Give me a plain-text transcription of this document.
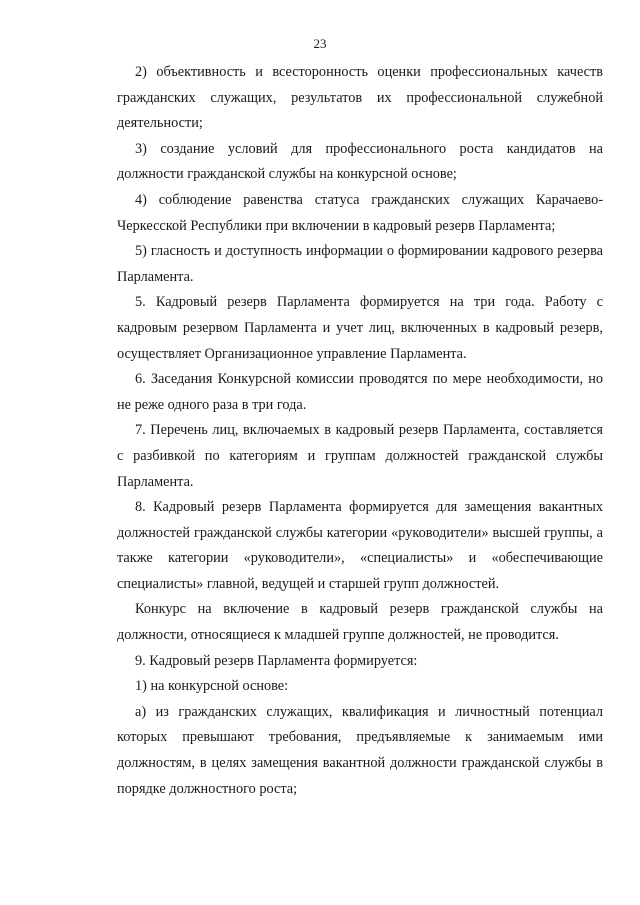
23

2) объективность и всесторонность оценки профессиональных качеств гражданских служащих, результатов их профессиональной служебной деятельности;

3) создание условий для профессионального роста кандидатов на должности гражданской службы на конкурсной основе;

4) соблюдение равенства статуса гражданских служащих Карачаево-Черкесской Республики при включении в кадровый резерв Парламента;

5) гласность и доступность информации о формировании кадрового резерва Парламента.

5. Кадровый резерв Парламента формируется на три года. Работу с кадровым резервом Парламента и учет лиц, включенных в кадровый резерв, осуществляет Организационное управление Парламента.

6. Заседания Конкурсной комиссии проводятся по мере необходимости, но не реже одного раза в три года.

7. Перечень лиц, включаемых в кадровый резерв Парламента, составляется с разбивкой по категориям и группам должностей гражданской службы Парламента.

8. Кадровый резерв Парламента формируется для замещения вакантных должностей гражданской службы категории «руководители» высшей группы, а также категории «руководители», «специалисты» и «обеспечивающие специалисты» главной, ведущей и старшей групп должностей.

Конкурс на включение в кадровый резерв гражданской службы на должности, относящиеся к младшей группе должностей, не проводится.

9. Кадровый резерв Парламента формируется:

1) на конкурсной основе:

а) из гражданских служащих, квалификация и личностный потенциал которых превышают требования, предъявляемые к занимаемым ими должностям, в целях замещения вакантной должности гражданской службы в порядке должностного роста;
